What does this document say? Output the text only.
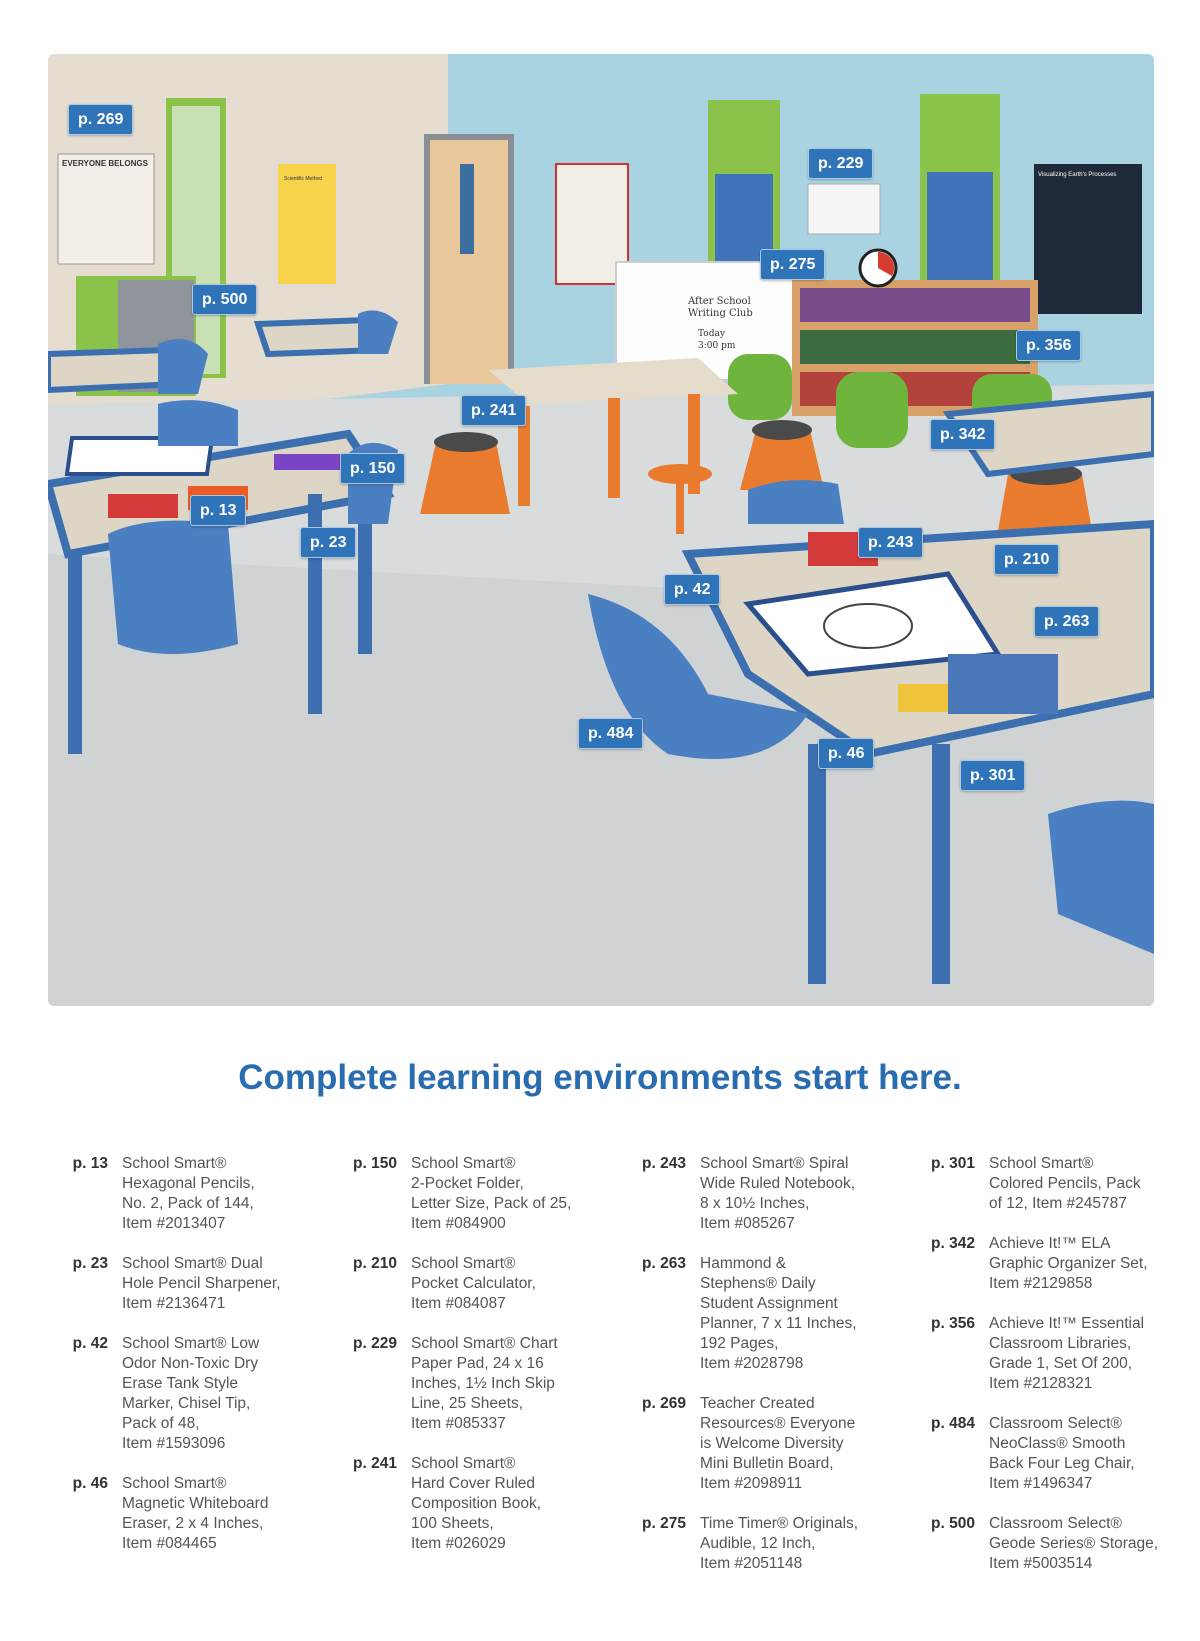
EVERYONE BELONGS
Scientific Method
Visualizing Earth's Processes
After School
Writing Club
Today
3:00 pm
p. 269
p. 229
p. 275
p. 500
p. 356
p. 241
p. 342
p. 150
p. 13
p. 23	p. 243
p. 210
p. 42
p. 263
p. 484
p. 46
p. 301
Complete learning environments start here.
p. 13 School Smart®
Hexagonal Pencils,
No. 2, Pack of 144,
Item #2013407
p. 23 School Smart® Dual
Hole Pencil Sharpener,
Item #2136471
p. 42 School Smart® Low
Odor Non-Toxic Dry
Erase Tank Style
Marker, Chisel Tip,
Pack of 48,
Item #1593096
p. 46 School Smart®
Magnetic Whiteboard
Eraser, 2 x 4 Inches,
Item #084465
p. 150 School Smart®
2-Pocket Folder,
Letter Size, Pack of 25,
Item #084900
p. 210 School Smart®
Pocket Calculator,
Item #084087
p. 229 School Smart® Chart
Paper Pad, 24 x 16
Inches, 1½ Inch Skip
Line, 25 Sheets,
Item #085337
p. 241 School Smart®
Hard Cover Ruled
Composition Book,
100 Sheets,
Item #026029
p. 243 School Smart® Spiral
Wide Ruled Notebook,
8 x 10½ Inches,
Item #085267
p. 263 Hammond &
Stephens® Daily
Student Assignment
Planner, 7 x 11 Inches,
192 Pages,
Item #2028798
p. 269 Teacher Created
Resources® Everyone
is Welcome Diversity
Mini Bulletin Board,
Item #2098911
p. 275 Time Timer® Originals,
Audible, 12 Inch,
Item #2051148
p. 301 School Smart®
Colored Pencils, Pack
of 12, Item #245787
p. 342 Achieve It!™ ELA
Graphic Organizer Set,
Item #2129858
p. 356 Achieve It!™ Essential
Classroom Libraries,
Grade 1, Set Of 200,
Item #2128321
p. 484 Classroom Select®
NeoClass® Smooth
Back Four Leg Chair,
Item #1496347
p. 500 Classroom Select®
Geode Series® Storage,
Item #5003514
